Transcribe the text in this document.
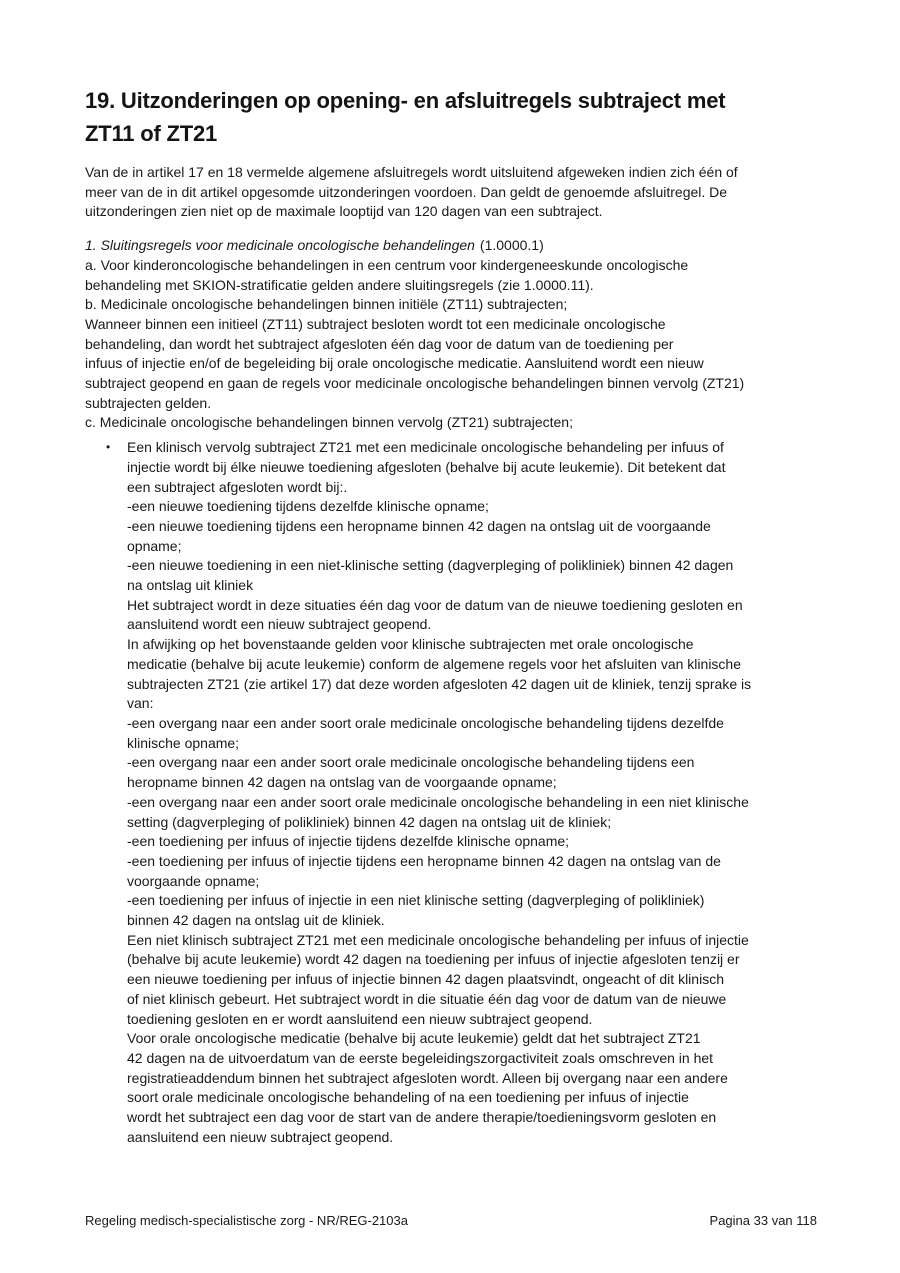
19. Uitzonderingen op opening- en afsluitregels subtraject met
ZT11 of ZT21
Van de in artikel 17 en 18 vermelde algemene afsluitregels wordt uitsluitend afgeweken indien zich één of
meer van de in dit artikel opgesomde uitzonderingen voordoen. Dan geldt de genoemde afsluitregel. De
uitzonderingen zien niet op de maximale looptijd van 120 dagen van een subtraject.
1. Sluitingsregels voor medicinale oncologische behandelingen (1.0000.1)
a. Voor kinderoncologische behandelingen in een centrum voor kindergeneeskunde oncologische
behandeling met SKION-stratificatie gelden andere sluitingsregels (zie 1.0000.11).
b. Medicinale oncologische behandelingen binnen initiële (ZT11) subtrajecten;
Wanneer binnen een initieel (ZT11) subtraject besloten wordt tot een medicinale oncologische
behandeling, dan wordt het subtraject afgesloten één dag voor de datum van de toediening per
infuus of injectie en/of de begeleiding bij orale oncologische medicatie. Aansluitend wordt een nieuw
subtraject geopend en gaan de regels voor medicinale oncologische behandelingen binnen vervolg (ZT21)
subtrajecten gelden.
c. Medicinale oncologische behandelingen binnen vervolg (ZT21) subtrajecten;
•	Een klinisch vervolg subtraject ZT21 met een medicinale oncologische behandeling per infuus of
injectie wordt bij élke nieuwe toediening afgesloten (behalve bij acute leukemie). Dit betekent dat
een subtraject afgesloten wordt bij:.
-een nieuwe toediening tijdens dezelfde klinische opname;
-een nieuwe toediening tijdens een heropname binnen 42 dagen na ontslag uit de voorgaande
opname;
-een nieuwe toediening in een niet-klinische setting (dagverpleging of polikliniek) binnen 42 dagen
na ontslag uit kliniek
Het subtraject wordt in deze situaties één dag voor de datum van de nieuwe toediening gesloten en
aansluitend wordt een nieuw subtraject geopend.
In afwijking op het bovenstaande gelden voor klinische subtrajecten met orale oncologische
medicatie (behalve bij acute leukemie) conform de algemene regels voor het afsluiten van klinische
subtrajecten ZT21 (zie artikel 17) dat deze worden afgesloten 42 dagen uit de kliniek, tenzij sprake is
van:
-een overgang naar een ander soort orale medicinale oncologische behandeling tijdens dezelfde
klinische opname;
-een overgang naar een ander soort orale medicinale oncologische behandeling tijdens een
heropname binnen 42 dagen na ontslag van de voorgaande opname;
-een overgang naar een ander soort orale medicinale oncologische behandeling in een niet klinische
setting (dagverpleging of polikliniek) binnen 42 dagen na ontslag uit de kliniek;
-een toediening per infuus of injectie tijdens dezelfde klinische opname;
-een toediening per infuus of injectie tijdens een heropname binnen 42 dagen na ontslag van de
voorgaande opname;
-een toediening per infuus of injectie in een niet klinische setting (dagverpleging of polikliniek)
binnen 42 dagen na ontslag uit de kliniek.
Een niet klinisch subtraject ZT21 met een medicinale oncologische behandeling per infuus of injectie
(behalve bij acute leukemie) wordt 42 dagen na toediening per infuus of injectie afgesloten tenzij er
een nieuwe toediening per infuus of injectie binnen 42 dagen plaatsvindt, ongeacht of dit klinisch
of niet klinisch gebeurt. Het subtraject wordt in die situatie één dag voor de datum van de nieuwe
toediening gesloten en er wordt aansluitend een nieuw subtraject geopend.
Voor orale oncologische medicatie (behalve bij acute leukemie) geldt dat het subtraject ZT21
42 dagen na de uitvoerdatum van de eerste begeleidingszorgactiviteit zoals omschreven in het
registratieaddendum binnen het subtraject afgesloten wordt. Alleen bij overgang naar een andere
soort orale medicinale oncologische behandeling of na een toediening per infuus of injectie
wordt het subtraject een dag voor de start van de andere therapie/toedieningsvorm gesloten en
aansluitend een nieuw subtraject geopend.
Regeling medisch-specialistische zorg - NR/REG-2103a	Pagina 33 van 118
